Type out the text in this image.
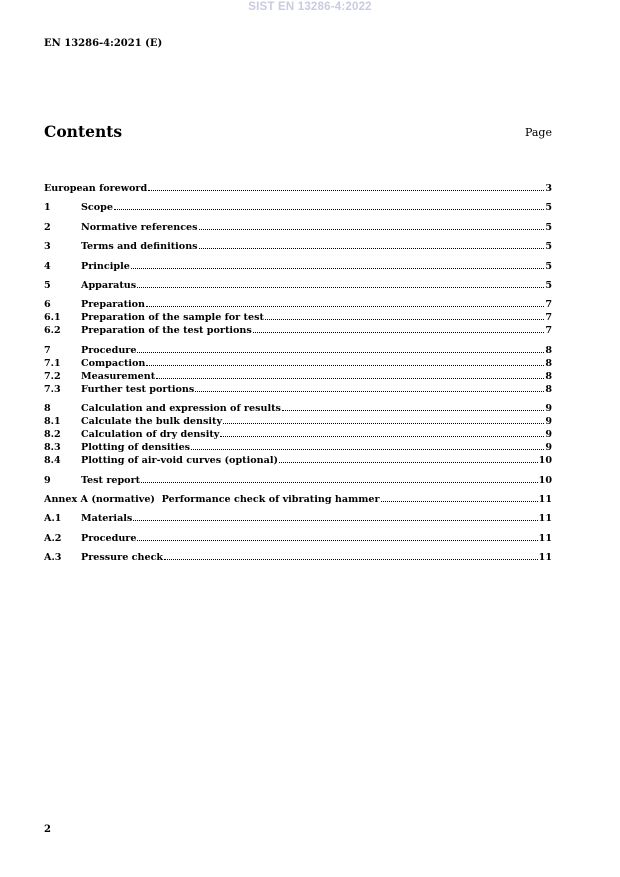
SIST EN 13286-4:2022
EN 13286-4:2021 (E)
Contents	Page
European foreword	3
1	Scope	5
2	Normative references	5
3	Terms and definitions	5
4	Principle	5
5	Apparatus	5
6	Preparation	7
6.1	Preparation of the sample for test	7
6.2	Preparation of the test portions	7
7	Procedure	8
7.1	Compaction	8
7.2	Measurement	8
7.3	Further test portions	8
8	Calculation and expression of results	9
8.1	Calculate the bulk density	9
8.2	Calculation of dry density	9
8.3	Plotting of densities	9
8.4	Plotting of air-void curves (optional)	10
9	Test report	10
Annex A (normative)  Performance check of vibrating hammer	11
A.1	Materials	11
A.2	Procedure	11
A.3	Pressure check	11
2
